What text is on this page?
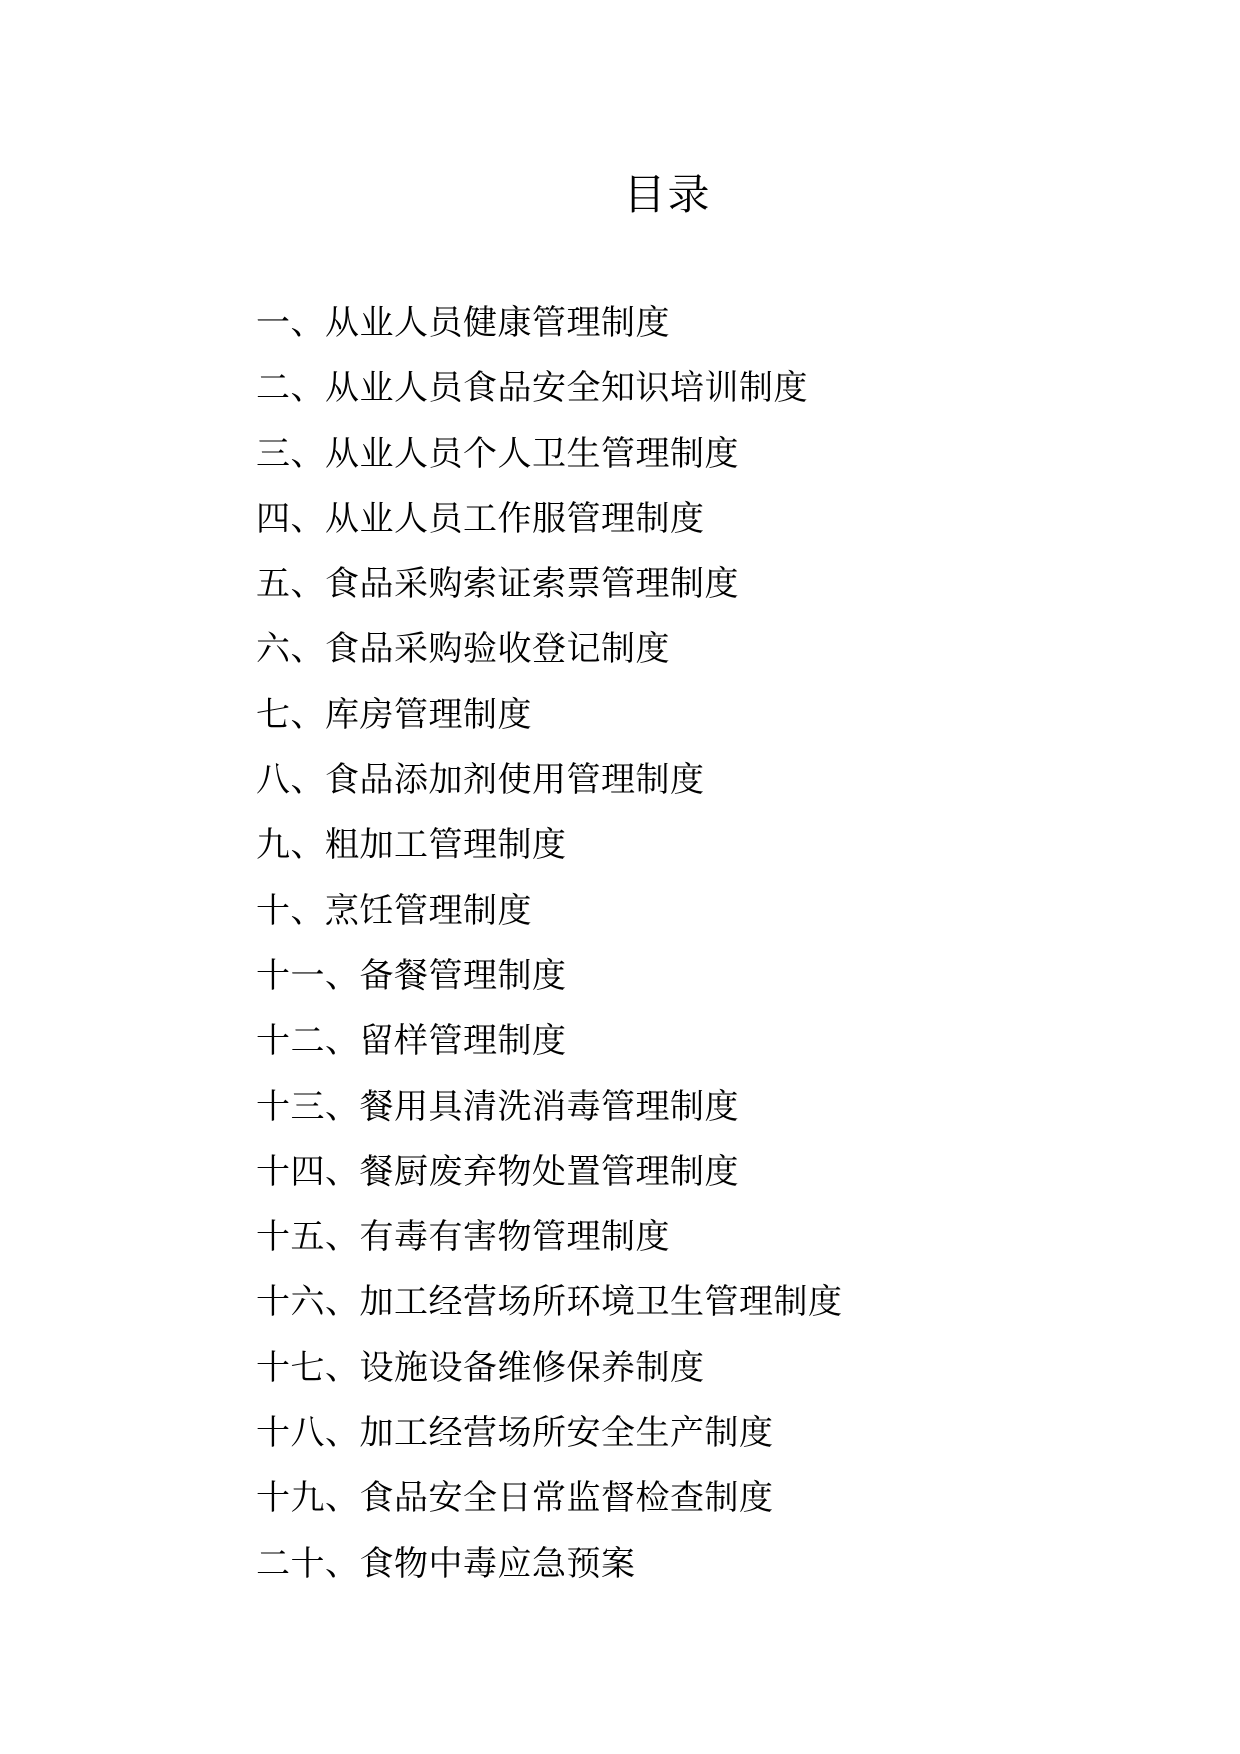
目录
一、从业人员健康管理制度
二、从业人员食品安全知识培训制度
三、从业人员个人卫生管理制度
四、从业人员工作服管理制度
五、食品采购索证索票管理制度
六、食品采购验收登记制度
七、库房管理制度
八、食品添加剂使用管理制度
九、粗加工管理制度
十、烹饪管理制度
十一、备餐管理制度
十二、留样管理制度
十三、餐用具清洗消毒管理制度
十四、餐厨废弃物处置管理制度
十五、有毒有害物管理制度
十六、加工经营场所环境卫生管理制度
十七、设施设备维修保养制度
十八、加工经营场所安全生产制度
十九、食品安全日常监督检查制度
二十、食物中毒应急预案
